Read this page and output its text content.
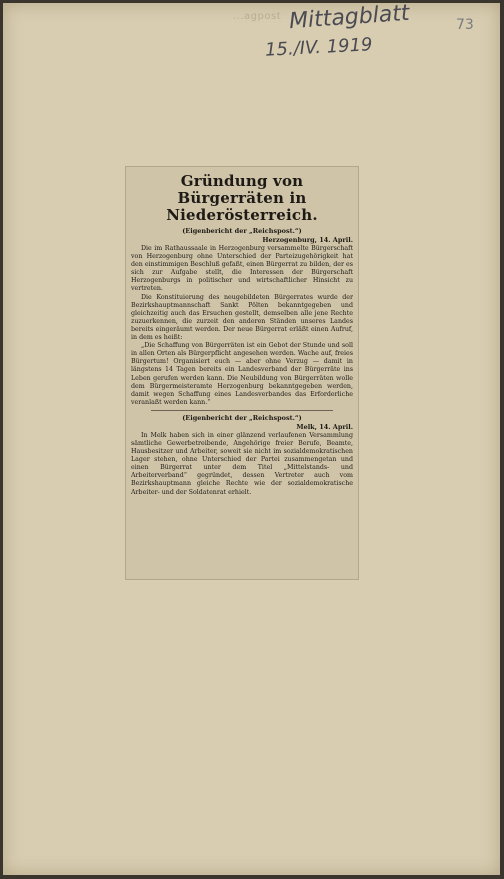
...agpost Mittagblatt
15./IV. 1919
73
Gründung von Bürgerräten in Niederösterreich.
(Eigenbericht der „Reichspost.“)
Herzogenburg, 14. April.

Die im Rathaussaale in Herzogenburg versammelte Bürgerschaft von Herzogenburg ohne Unterschied der Parteizugehörigkeit hat den einstimmigen Beschluß gefaßt, einen Bürgerrat zu bilden, der es sich zur Aufgabe stellt, die Interessen der Bürgerschaft Herzogenburgs in politischer und wirtschaftlicher Hinsicht zu vertreten.

Die Konstituierung des neugebildeten Bürgerrates wurde der Bezirkshauptmannschaft Sankt Pölten bekanntgegeben und gleichzeitig auch das Ersuchen gestellt, demselben alle jene Rechte zuzuerkennen, die zurzeit den anderen Ständen unseres Landes bereits eingeräumt werden. Der neue Bürgerrat erläßt einen Aufruf, in dem es heißt:

„Die Schaffung von Bürgerräten ist ein Gebot der Stunde und soll in allen Orten als Bürgerpflicht angesehen werden. Wache auf, freies Bürgertum! Organisiert euch — aber ohne Verzug — damit in längstens 14 Tagen bereits ein Landesverband der Bürgerräte ins Leben gerufen werden kann. Die Neubildung von Bürgerräten wolle dem Bürgermeisteramte Herzogenburg bekanntgegeben werden, damit wegen Schaffung eines Landesverbandes das Erforderliche veranlaßt werden kann.“

(Eigenbericht der „Reichspost.“)
Melk, 14. April.

In Melk haben sich in einer glänzend verlaufenen Versammlung sämtliche Gewerbetreibende, Angehörige freier Berufe, Beamte, Hausbesitzer und Arbeiter, soweit sie nicht im sozialdemokratischen Lager stehen, ohne Unterschied der Partei zusammengetan und einen Bürgerrat unter dem Titel „Mittelstands- und Arbeiterverband“ gegründet, dessen Vertreter auch vom Bezirkshauptmann gleiche Rechte wie der sozialdemokratische Arbeiter- und der Soldatenrat erhielt.
